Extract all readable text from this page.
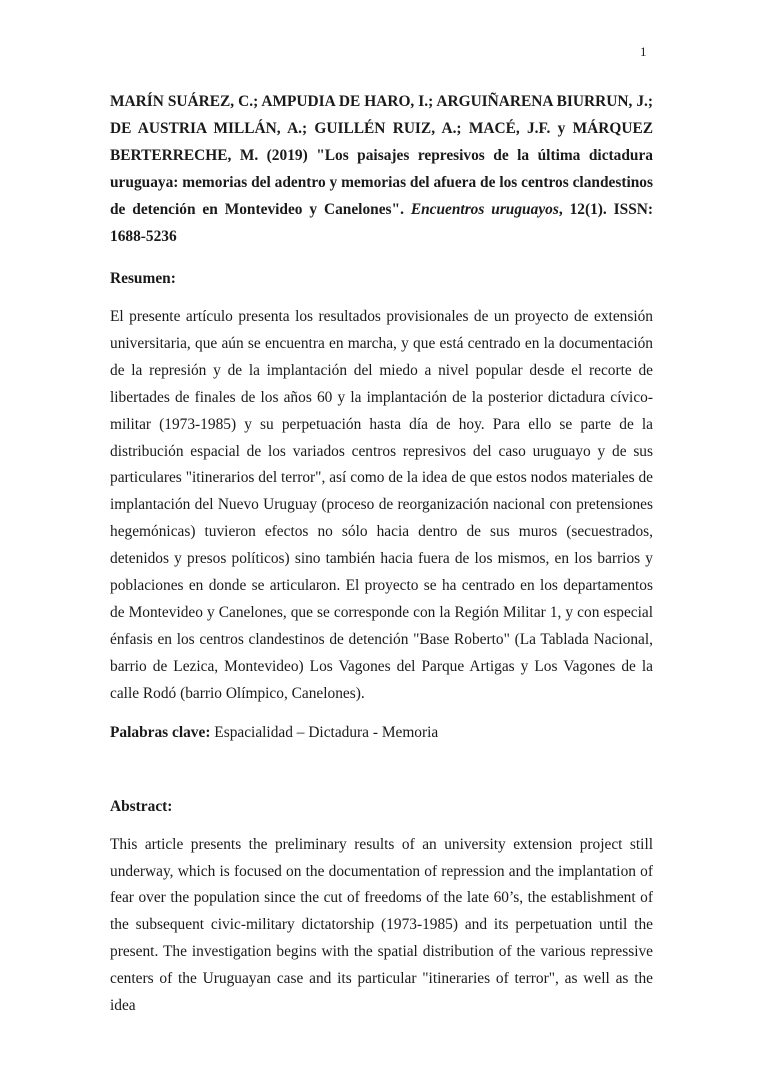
1

MARÍN SUÁREZ, C.; AMPUDIA DE HARO, I.; ARGUIÑARENA BIURRUN, J.; DE AUSTRIA MILLÁN, A.; GUILLÉN RUIZ, A.; MACÉ, J.F. y MÁRQUEZ BERTERRECHE, M. (2019) "Los paisajes represivos de la última dictadura uruguaya: memorias del adentro y memorias del afuera de los centros clandestinos de detención en Montevideo y Canelones". Encuentros uruguayos, 12(1). ISSN: 1688-5236

Resumen:

El presente artículo presenta los resultados provisionales de un proyecto de extensión universitaria, que aún se encuentra en marcha, y que está centrado en la documentación de la represión y de la implantación del miedo a nivel popular desde el recorte de libertades de finales de los años 60 y la implantación de la posterior dictadura cívico-militar (1973-1985) y su perpetuación hasta día de hoy. Para ello se parte de la distribución espacial de los variados centros represivos del caso uruguayo y de sus particulares "itinerarios del terror", así como de la idea de que estos nodos materiales de implantación del Nuevo Uruguay (proceso de reorganización nacional con pretensiones hegemónicas) tuvieron efectos no sólo hacia dentro de sus muros (secuestrados, detenidos y presos políticos) sino también hacia fuera de los mismos, en los barrios y poblaciones en donde se articularon. El proyecto se ha centrado en los departamentos de Montevideo y Canelones, que se corresponde con la Región Militar 1, y con especial énfasis en los centros clandestinos de detención "Base Roberto" (La Tablada Nacional, barrio de Lezica, Montevideo) Los Vagones del Parque Artigas y Los Vagones de la calle Rodó (barrio Olímpico, Canelones).

Palabras clave: Espacialidad – Dictadura - Memoria

Abstract:

This article presents the preliminary results of an university extension project still underway, which is focused on the documentation of repression and the implantation of fear over the population since the cut of freedoms of the late 60’s, the establishment of the subsequent civic-military dictatorship (1973-1985) and its perpetuation until the present. The investigation begins with the spatial distribution of the various repressive centers of the Uruguayan case and its particular "itineraries of terror", as well as the idea
